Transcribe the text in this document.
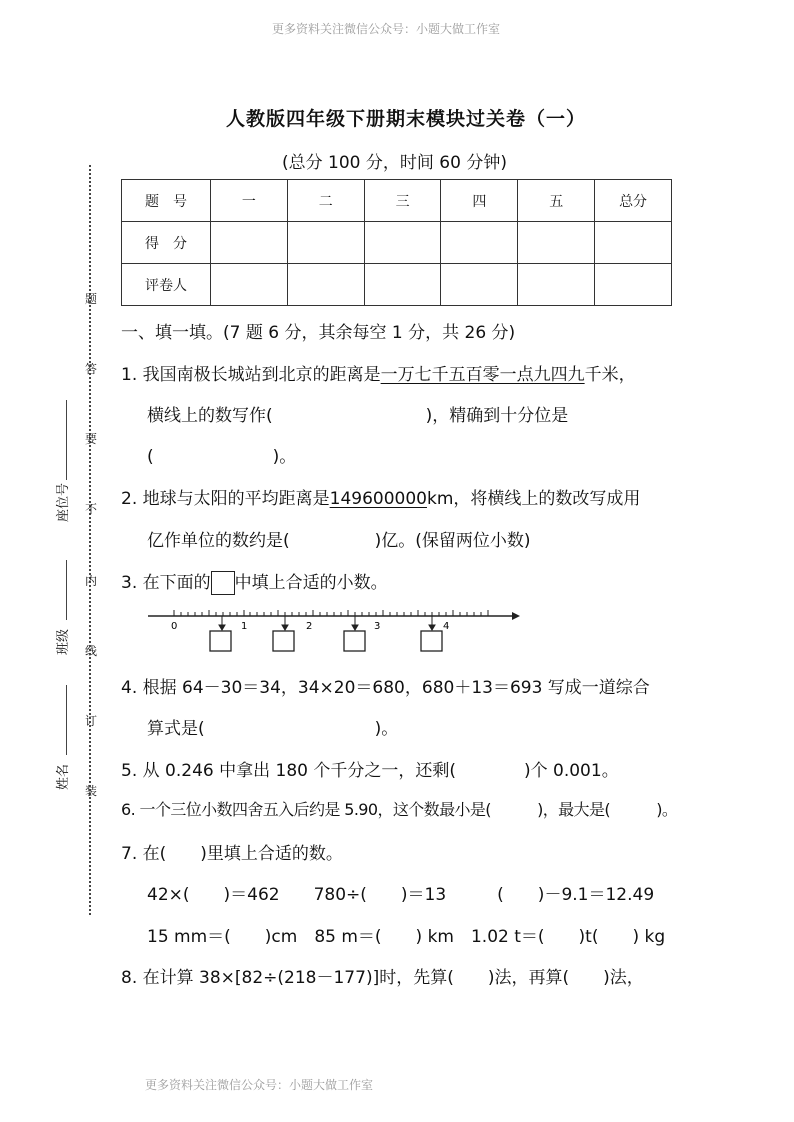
更多资料关注微信公众号：小题大做工作室
更多资料关注微信公众号：小题大做工作室
人教版四年级下册期末模块过关卷（一）
(总分 100 分，时间 60 分钟)
题　号	一	二	三	四	五	总分
得　分						
评卷人						
题
答
要
不
内
线
订
装
座位号
班级
姓名
一、填一填。(7 题 6 分，其余每空 1 分，共 26 分)
1. 我国南极长城站到北京的距离是一万七千五百零一点九四九千米，
横线上的数写作(　　　　　　　　　)，精确到十分位是
(　　　　　　　)。
2. 地球与太阳的平均距离是149600000km，将横线上的数改写成用
亿作单位的数约是(　　　　　)亿。(保留两位小数)
3. 在下面的 中填上合适的小数。
0	1	2	3	4
4. 根据 64－30＝34，34×20＝680，680＋13＝693 写成一道综合
算式是(　　　　　　　　　　)。
5. 从 0.246 中拿出 180 个千分之一，还剩(　　　　)个 0.001。
6. 一个三位小数四舍五入后约是 5.90，这个数最小是(　　　)，最大是(　　　)。
7. 在(　　)里填上合适的数。
42×(　　)＝462　　780÷(　　)＝13　　　(　　)－9.1＝12.49
15 mm＝(　　)cm　85 m＝(　　) km　1.02 t＝(　　)t(　　) kg
8. 在计算 38×[82÷(218－177)]时，先算(　　)法，再算(　　)法，
